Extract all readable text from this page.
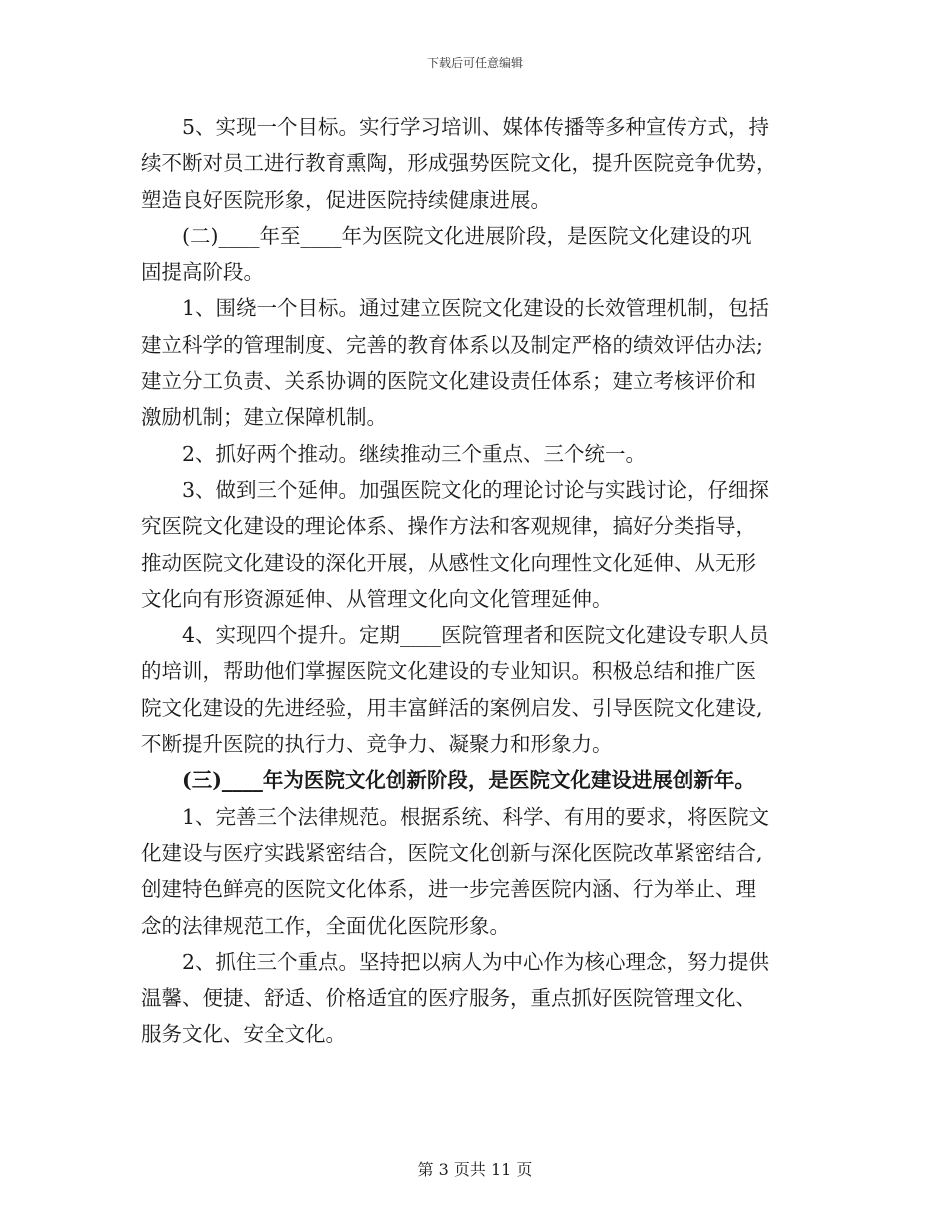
下载后可任意编辑

5、实现一个目标。实行学习培训、媒体传播等多种宣传方式，持
续不断对员工进行教育熏陶，形成强势医院文化，提升医院竞争优势，
塑造良好医院形象，促进医院持续健康进展。

(二)____年至____年为医院文化进展阶段，是医院文化建设的巩
固提高阶段。

1、围绕一个目标。通过建立医院文化建设的长效管理机制，包括
建立科学的管理制度、完善的教育体系以及制定严格的绩效评估办法;
建立分工负责、关系协调的医院文化建设责任体系；建立考核评价和
激励机制；建立保障机制。

2、抓好两个推动。继续推动三个重点、三个统一。

3、做到三个延伸。加强医院文化的理论讨论与实践讨论，仔细探
究医院文化建设的理论体系、操作方法和客观规律，搞好分类指导，
推动医院文化建设的深化开展，从感性文化向理性文化延伸、从无形
文化向有形资源延伸、从管理文化向文化管理延伸。

4、实现四个提升。定期____医院管理者和医院文化建设专职人员
的培训，帮助他们掌握医院文化建设的专业知识。积极总结和推广医
院文化建设的先进经验，用丰富鲜活的案例启发、引导医院文化建设,
不断提升医院的执行力、竞争力、凝聚力和形象力。

(三)____年为医院文化创新阶段，是医院文化建设进展创新年。

1、完善三个法律规范。根据系统、科学、有用的要求，将医院文
化建设与医疗实践紧密结合，医院文化创新与深化医院改革紧密结合,
创建特色鲜亮的医院文化体系，进一步完善医院内涵、行为举止、理
念的法律规范工作，全面优化医院形象。

2、抓住三个重点。坚持把以病人为中心作为核心理念，努力提供
温馨、便捷、舒适、价格适宜的医疗服务，重点抓好医院管理文化、
服务文化、安全文化。

第 3 页共 11 页
